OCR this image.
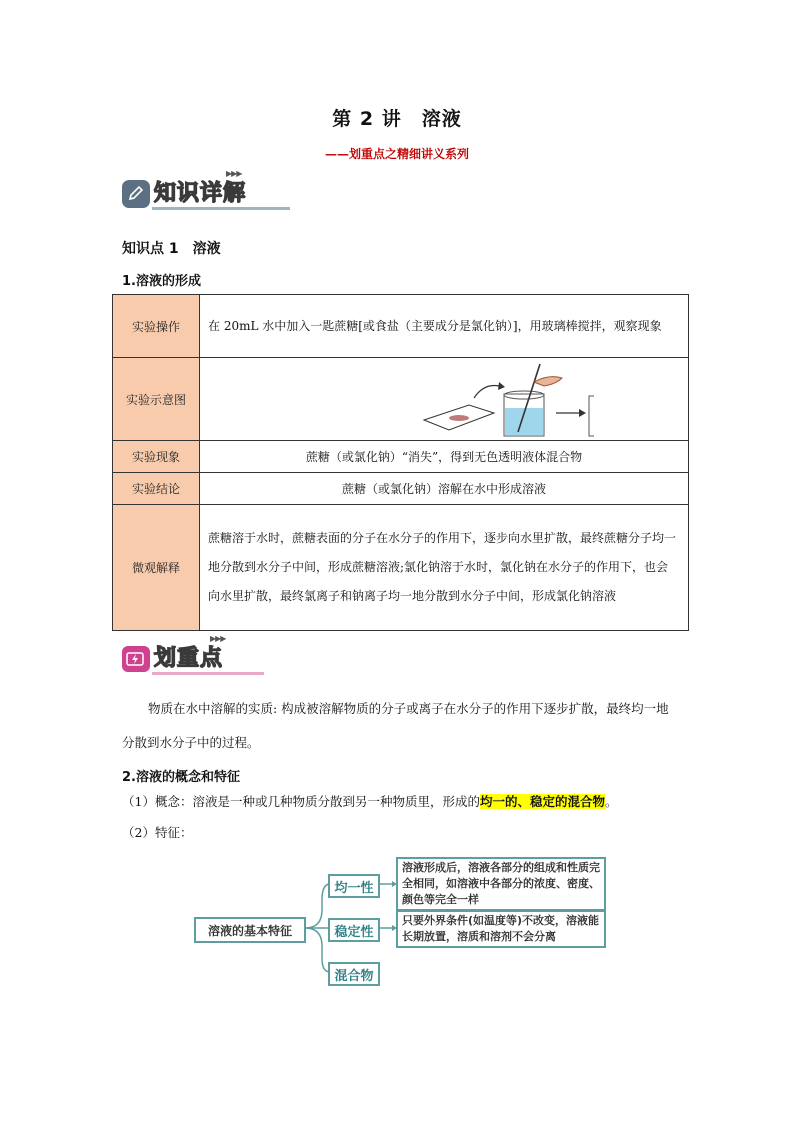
第 2 讲　溶液
——划重点之精细讲义系列
▶▶▶
知识详解
知识点 1　溶液
1.溶液的形成
实验操作	在 20mL 水中加入一匙蔗糖[或食盐（主要成分是氯化钠）]，用玻璃棒搅拌，观察现象
实验示意图	

实验现象	蔗糖（或氯化钠）“消失”，得到无色透明液体混合物
实验结论	蔗糖（或氯化钠）溶解在水中形成溶液
微观解释	蔗糖溶于水时，蔗糖表面的分子在水分子的作用下，逐步向水里扩散，最终蔗糖分子均一地分散到水分子中间，形成蔗糖溶液;氯化钠溶于水时，氯化钠在水分子的作用下，也会向水里扩散，最终氯离子和钠离子均一地分散到水分子中间，形成氯化钠溶液
▶▶▶
划重点
物质在水中溶解的实质: 构成被溶解物质的分子或离子在水分子的作用下逐步扩散，最终均一地分散到水分子中的过程。
2.溶液的概念和特征
（1）概念：溶液是一种或几种物质分散到另一种物质里，形成的均一的、稳定的混合物。
（2）特征：
溶液的基本特征
均一性
稳定性
混合物
溶液形成后，溶液各部分的组成和性质完全相同，如溶液中各部分的浓度、密度、颜色等完全一样
只要外界条件(如温度等)不改变，溶液能长期放置，溶质和溶剂不会分离
